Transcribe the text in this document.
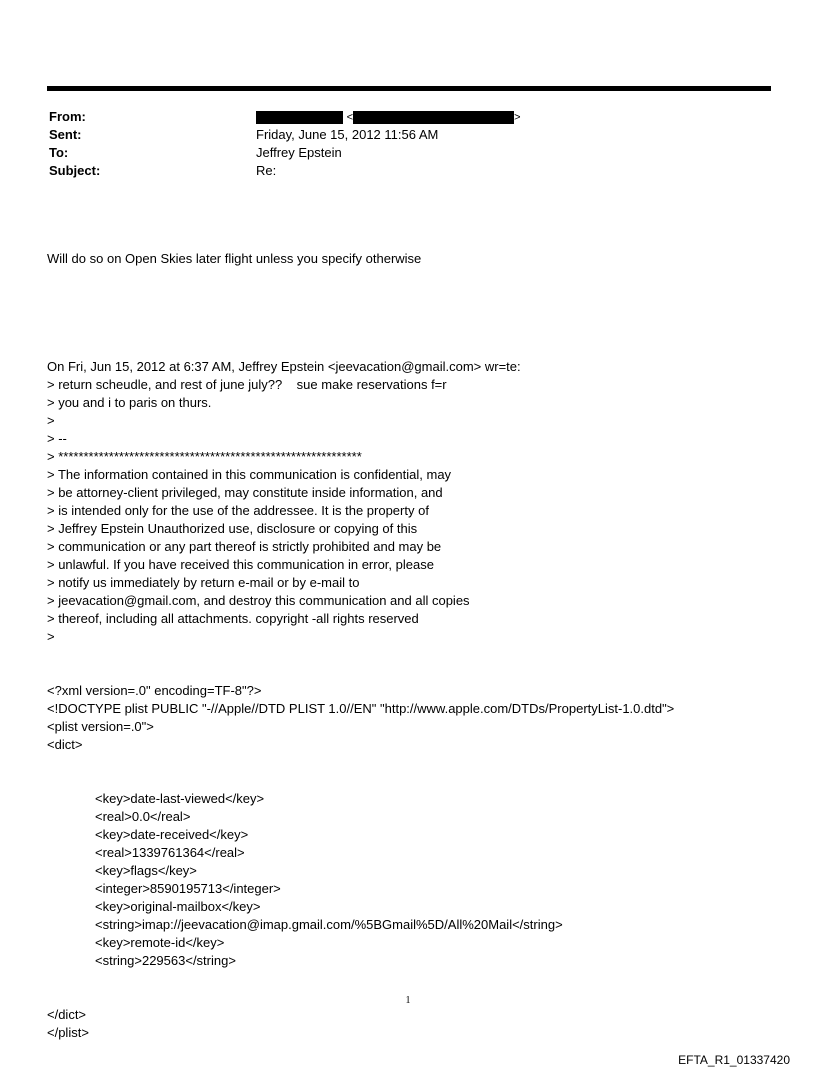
From:	<	>
Sent:	Friday, June 15, 2012 11:56 AM
To:	Jeffrey Epstein
Subject:	Re:

Will do so on Open Skies later flight unless you specify otherwise

On Fri, Jun 15, 2012 at 6:37 AM, Jeffrey Epstein <jeevacation@gmail.com> wr=te:
> return scheudle, and rest of june july??    sue make reservations f=r
> you and i to paris on thurs.
>
> --
> ************************************************************
> The information contained in this communication is confidential, may
> be attorney-client privileged, may constitute inside information, and
> is intended only for the use of the addressee. It is the property of
> Jeffrey Epstein Unauthorized use, disclosure or copying of this
> communication or any part thereof is strictly prohibited and may be
> unlawful. If you have received this communication in error, please
> notify us immediately by return e-mail or by e-mail to
> jeevacation@gmail.com, and destroy this communication and all copies
> thereof, including all attachments. copyright -all rights reserved
>

<?xml version=.0" encoding=TF-8"?>
<!DOCTYPE plist PUBLIC "-//Apple//DTD PLIST 1.0//EN" "http://www.apple.com/DTDs/PropertyList-1.0.dtd">
<plist version=.0">
<dict>

<key>date-last-viewed</key>
<real>0.0</real>
<key>date-received</key>
<real>1339761364</real>
<key>flags</key>
<integer>8590195713</integer>
<key>original-mailbox</key>
<string>imap://jeevacation@imap.gmail.com/%5BGmail%5D/All%20Mail</string>
<key>remote-id</key>
<string>229563</string>

</dict>
</plist>

1
EFTA_R1_01337420
